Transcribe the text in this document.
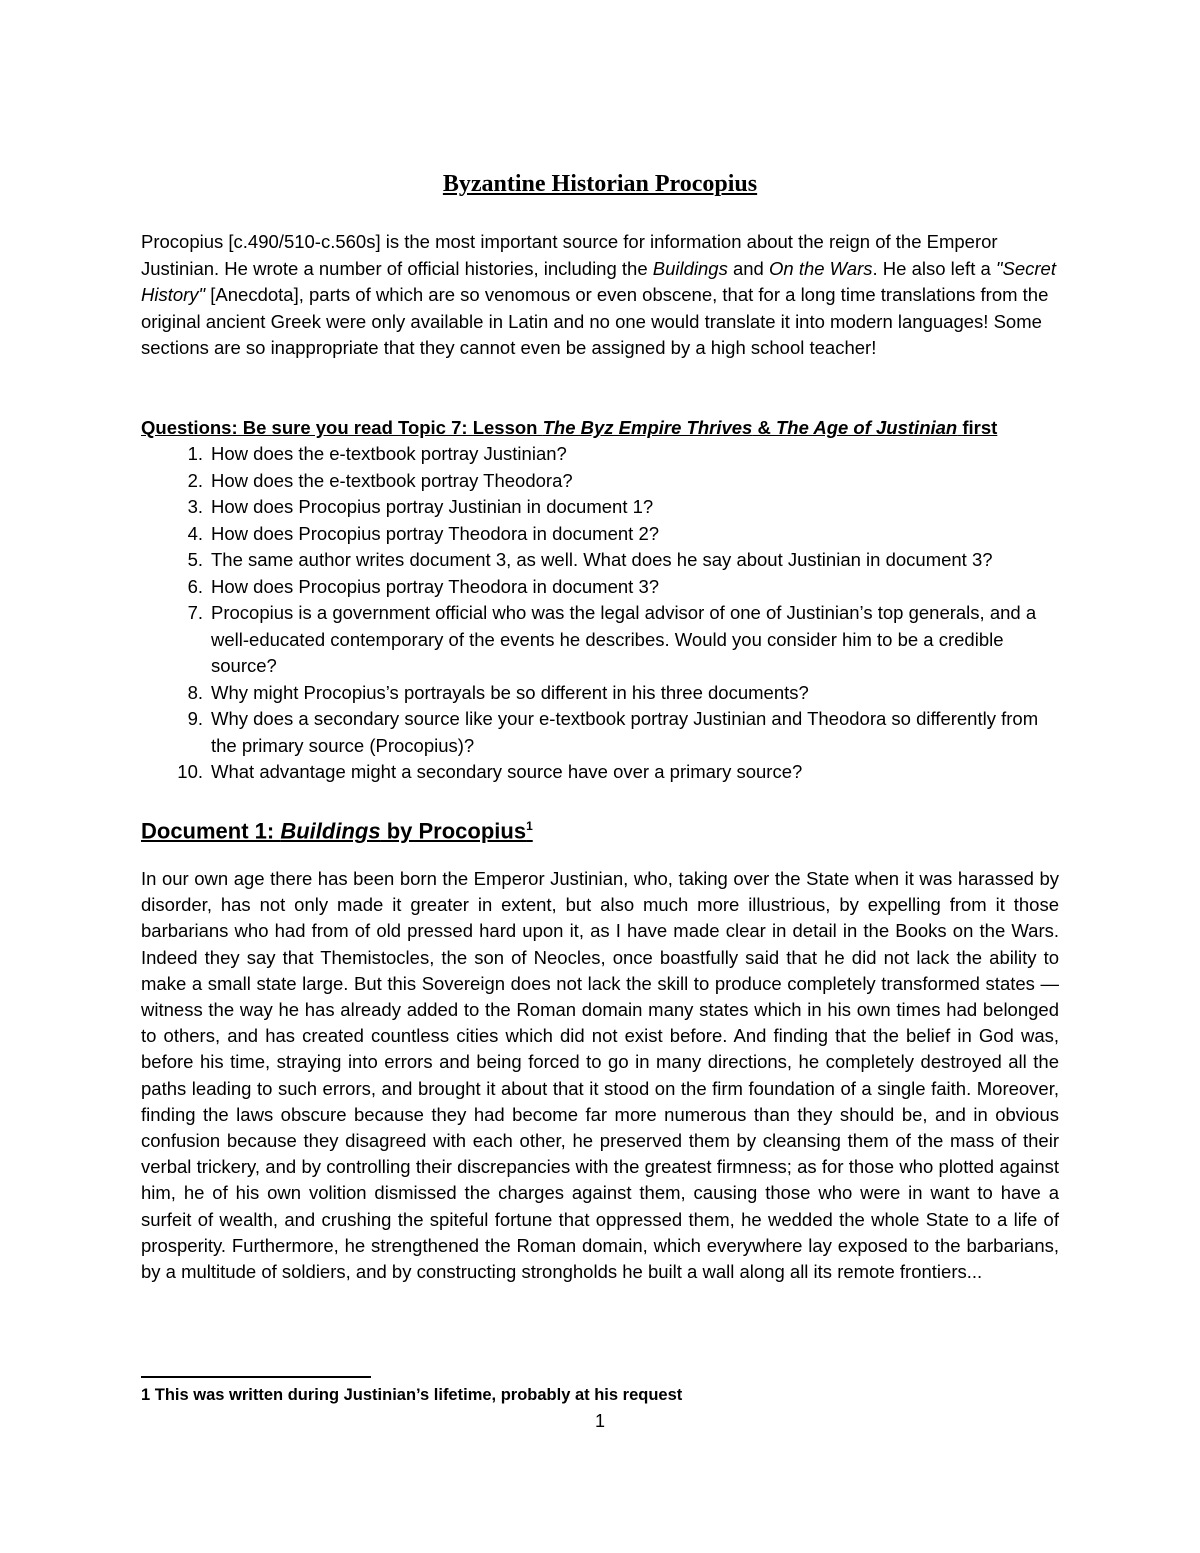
Byzantine Historian Procopius

Procopius [c.490/510-c.560s] is the most important source for information about the reign of the Emperor Justinian. He wrote a number of official histories, including the Buildings and On the Wars. He also left a "Secret History" [Anecdota], parts of which are so venomous or even obscene, that for a long time translations from the original ancient Greek were only available in Latin and no one would translate it into modern languages! Some sections are so inappropriate that they cannot even be assigned by a high school teacher!

Questions: Be sure you read Topic 7: Lesson The Byz Empire Thrives & The Age of Justinian first

1. How does the e-textbook portray Justinian?
2. How does the e-textbook portray Theodora?
3. How does Procopius portray Justinian in document 1?
4. How does Procopius portray Theodora in document 2?
5. The same author writes document 3, as well. What does he say about Justinian in document 3?
6. How does Procopius portray Theodora in document 3?
7. Procopius is a government official who was the legal advisor of one of Justinian’s top generals, and a well-educated contemporary of the events he describes. Would you consider him to be a credible source?
8. Why might Procopius’s portrayals be so different in his three documents?
9. Why does a secondary source like your e-textbook portray Justinian and Theodora so differently from the primary source (Procopius)?
10. What advantage might a secondary source have over a primary source?
Document 1: Buildings by Procopius$^1$

In our own age there has been born the Emperor Justinian, who, taking over the State when it was harassed by disorder, has not only made it greater in extent, but also much more illustrious, by expelling from it those barbarians who had from of old pressed hard upon it, as I have made clear in detail in the Books on the Wars. Indeed they say that Themistocles, the son of Neocles, once boastfully said that he did not lack the ability to make a small state large. But this Sovereign does not lack the skill to produce completely transformed states — witness the way he has already added to the Roman domain many states which in his own times had belonged to others, and has created countless cities which did not exist before. And finding that the belief in God was, before his time, straying into errors and being forced to go in many directions, he completely destroyed all the paths leading to such errors, and brought it about that it stood on the firm foundation of a single faith. Moreover, finding the laws obscure because they had become far more numerous than they should be, and in obvious confusion because they disagreed with each other, he preserved them by cleansing them of the mass of their verbal trickery, and by controlling their discrepancies with the greatest firmness; as for those who plotted against him, he of his own volition dismissed the charges against them, causing those who were in want to have a surfeit of wealth, and crushing the spiteful fortune that oppressed them, he wedded the whole State to a life of prosperity. Furthermore, he strengthened the Roman domain, which everywhere lay exposed to the barbarians, by a multitude of soldiers, and by constructing strongholds he built a wall along all its remote frontiers...

1 This was written during Justinian’s lifetime, probably at his request

1
